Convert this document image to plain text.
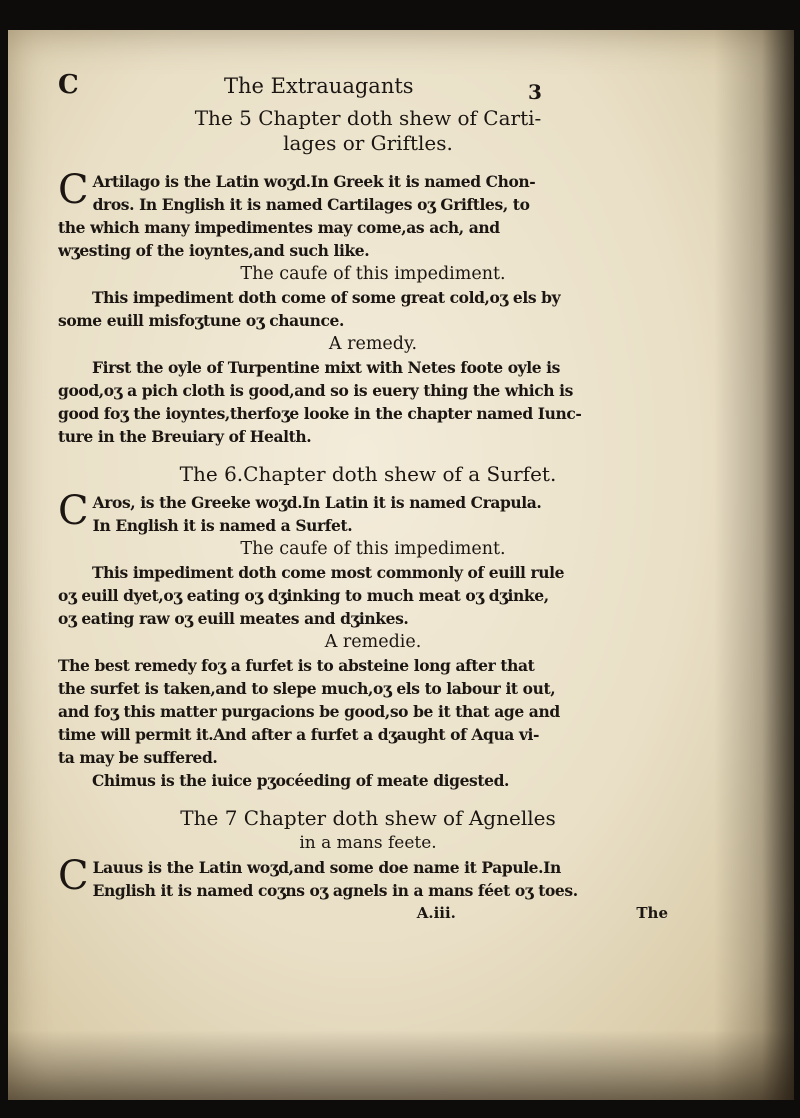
C	The Extrauagants	3
The 5 Chapter doth shew of Carti-
lages or Griftles.
C Artilago is the Latin woʒd.In Greek it is named Chon-
dros. In English it is named Cartilages oʒ Griftles, to
the which many impedimentes may come,as ach, and
wʒesting of the ioyntes,and such like.
The caufe of this impediment.
This impediment doth come of some great cold,oʒ els by
some euill misfoʒtune oʒ chaunce.
A remedy.
First the oyle of Turpentine mixt with Netes foote oyle is
good,oʒ a pich cloth is good,and so is euery thing the which is
good foʒ the ioyntes,therfoʒe looke in the chapter named Iunc-
ture in the Breuiary of Health.
The 6.Chapter doth shew of a Surfet.
C Aros, is the Greeke woʒd.In Latin it is named Crapula.
In English it is named a Surfet.
The caufe of this impediment.
This impediment doth come most commonly of euill rule
oʒ euill dyet,oʒ eating oʒ dʒinking to much meat oʒ dʒinke,
oʒ eating raw oʒ euill meates and dʒinkes.
A remedie.
The best remedy foʒ a furfet is to absteine long after that
the surfet is taken,and to slepe much,oʒ els to labour it out,
and foʒ this matter purgacions be good,so be it that age and
time will permit it.And after a furfet a dʒaught of Aqua vi-
ta may be suffered.
Chimus is the iuice pʒocéeding of meate digested.
The 7 Chapter doth shew of Agnelles
in a mans feete.
C Lauus is the Latin woʒd,and some doe name it Papule.In
English it is named coʒns oʒ agnels in a mans féet oʒ toes.
A.iii.	The
